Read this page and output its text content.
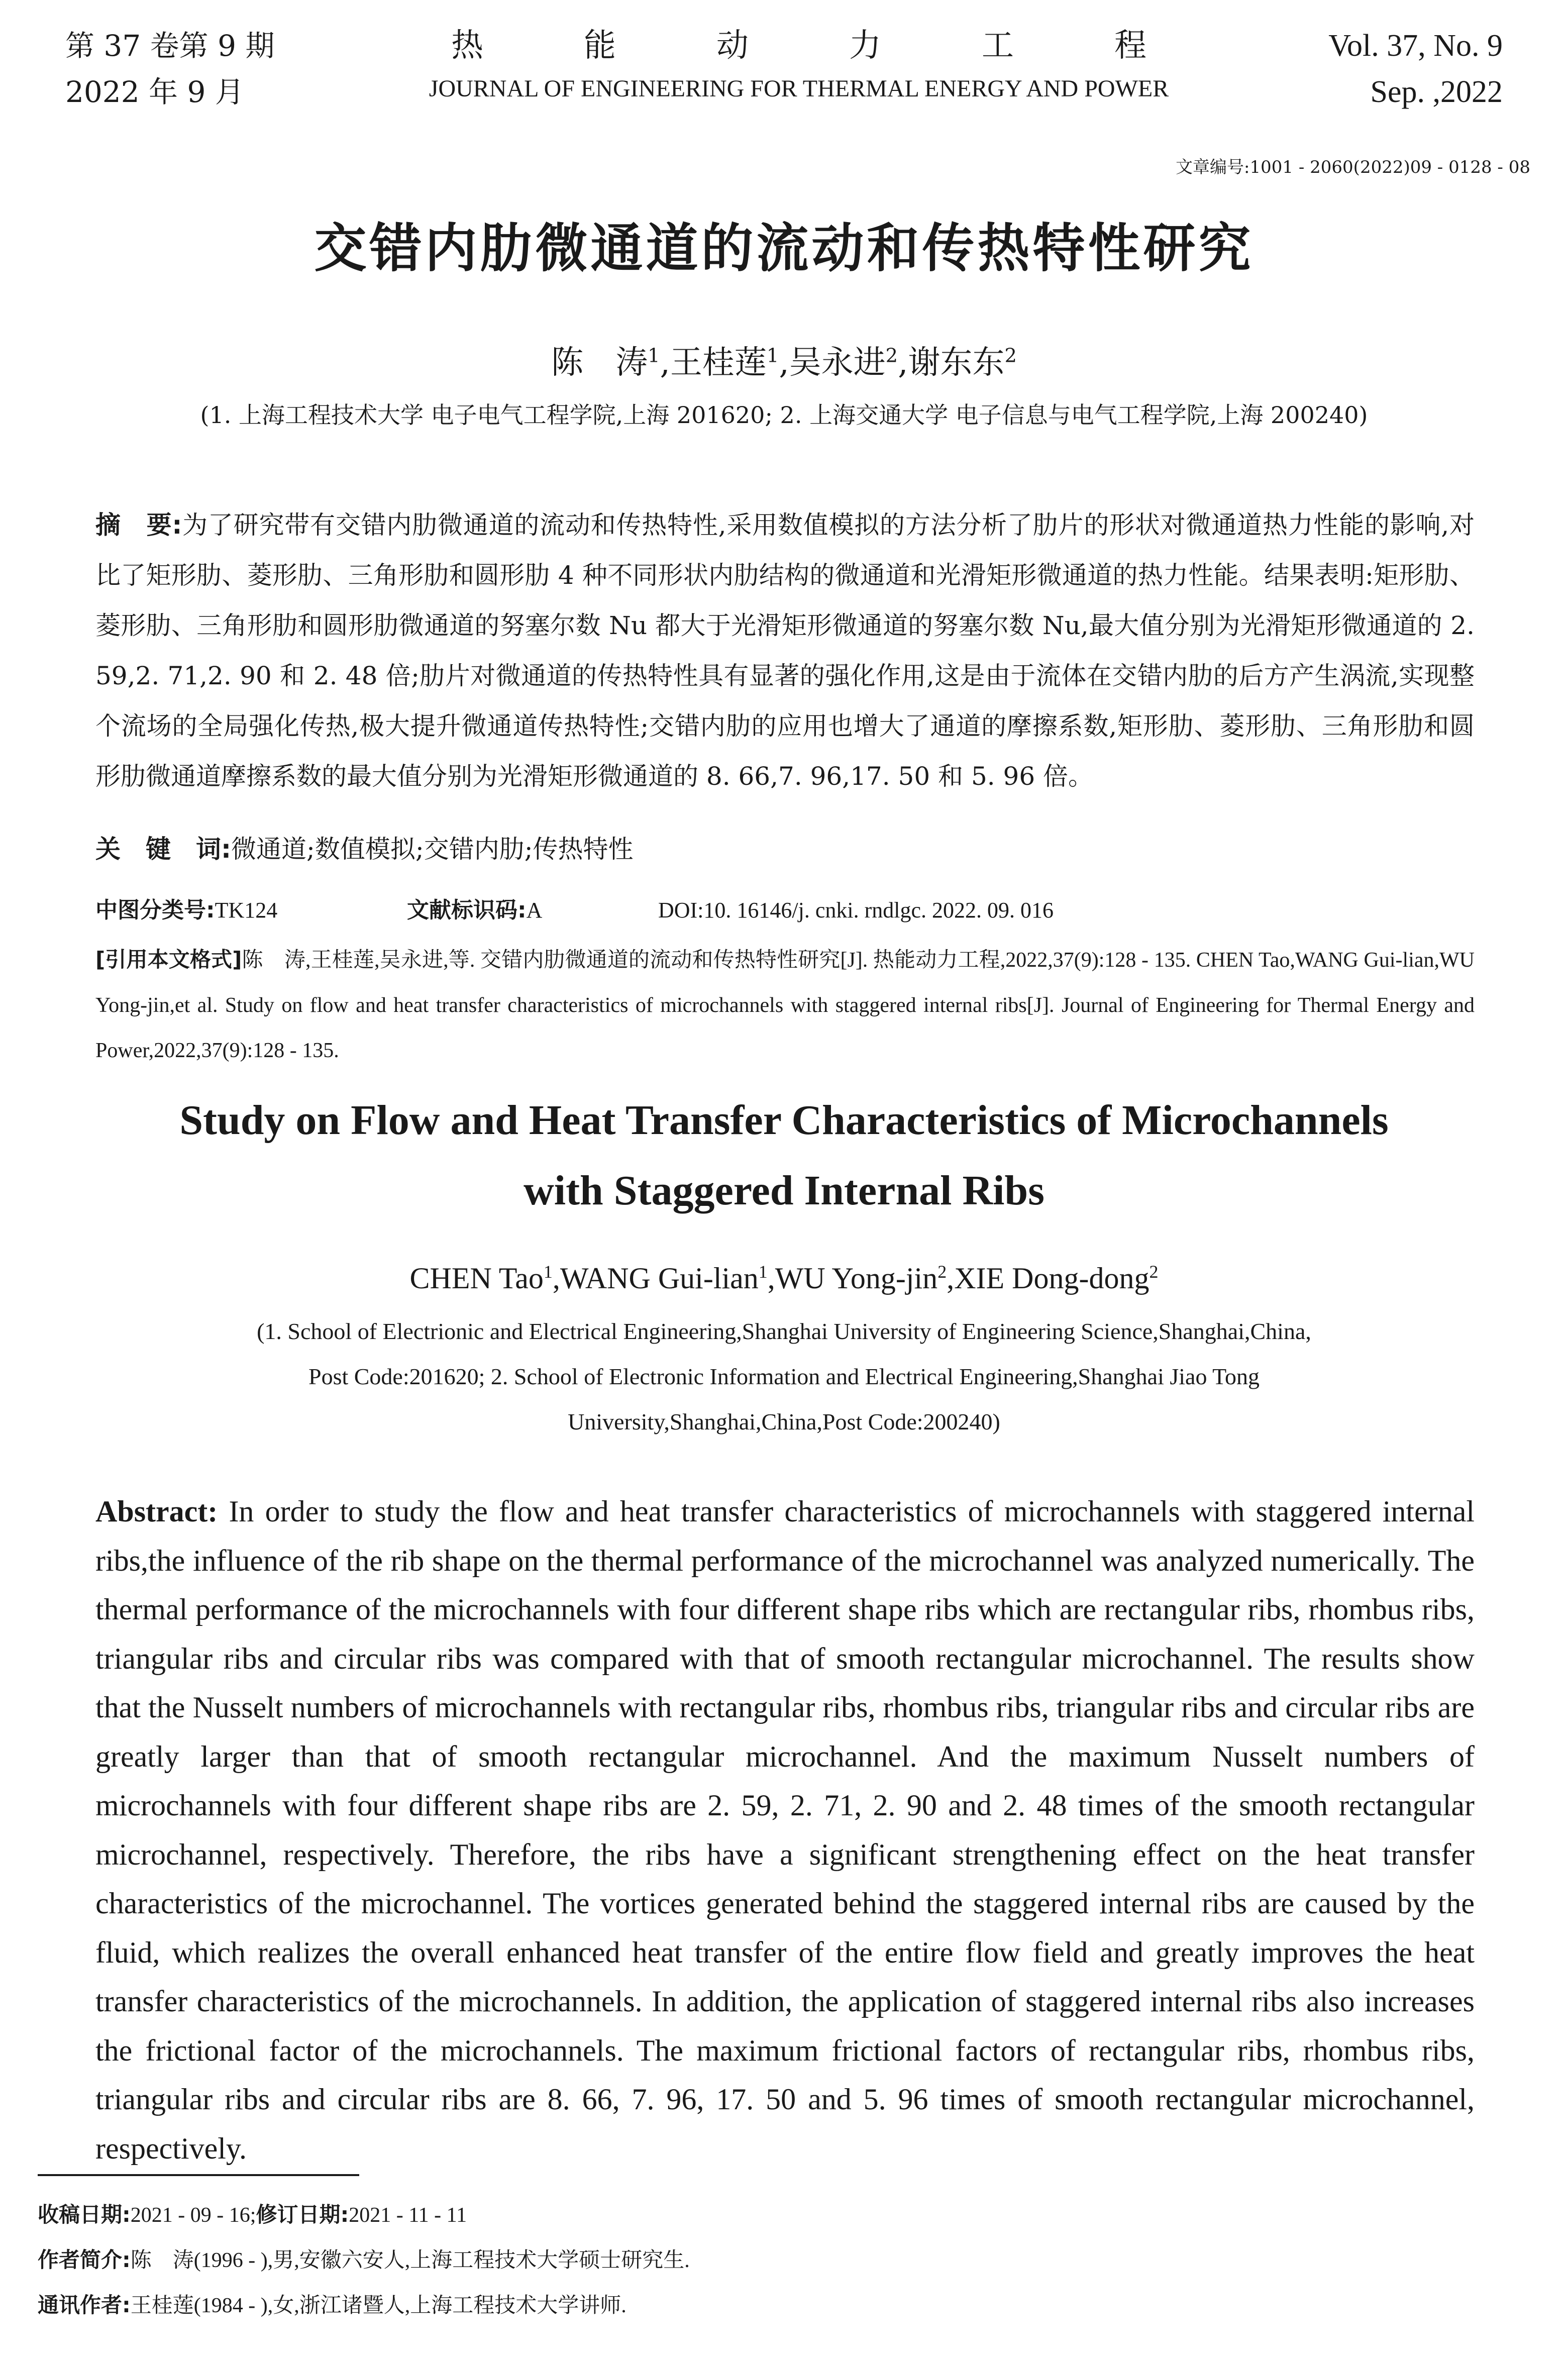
第 37 卷第 9 期
2022 年 9 月
热能动力工程
JOURNAL OF ENGINEERING FOR THERMAL ENERGY AND POWER
Vol. 37, No. 9
Sep. ,2022
文章编号:1001 - 2060(2022)09 - 0128 - 08
交错内肋微通道的流动和传热特性研究
陈　涛$^1$,王桂莲$^1$,吴永进$^2$,谢东东$^2$
(1. 上海工程技术大学 电子电气工程学院,上海 201620; 2. 上海交通大学 电子信息与电气工程学院,上海 200240)
摘　要:为了研究带有交错内肋微通道的流动和传热特性,采用数值模拟的方法分析了肋片的形状对微通道热力性能的影响,对比了矩形肋、菱形肋、三角形肋和圆形肋 4 种不同形状内肋结构的微通道和光滑矩形微通道的热力性能。结果表明:矩形肋、菱形肋、三角形肋和圆形肋微通道的努塞尔数 Nu 都大于光滑矩形微通道的努塞尔数 Nu,最大值分别为光滑矩形微通道的 2. 59,2. 71,2. 90 和 2. 48 倍;肋片对微通道的传热特性具有显著的强化作用,这是由于流体在交错内肋的后方产生涡流,实现整个流场的全局强化传热,极大提升微通道传热特性;交错内肋的应用也增大了通道的摩擦系数,矩形肋、菱形肋、三角形肋和圆形肋微通道摩擦系数的最大值分别为光滑矩形微通道的 8. 66,7. 96,17. 50 和 5. 96 倍。
关　键　词:微通道;数值模拟;交错内肋;传热特性
中图分类号:TK124	文献标识码:A	DOI:10. 16146/j. cnki. rndlgc. 2022. 09. 016
[引用本文格式]陈　涛,王桂莲,吴永进,等. 交错内肋微通道的流动和传热特性研究[J]. 热能动力工程,2022,37(9):128 - 135. CHEN Tao,WANG Gui-lian,WU Yong-jin,et al. Study on flow and heat transfer characteristics of microchannels with staggered internal ribs[J]. Journal of Engineering for Thermal Energy and Power,2022,37(9):128 - 135.
Study on Flow and Heat Transfer Characteristics of Microchannels
with Staggered Internal Ribs
CHEN Tao$^1$,WANG Gui-lian$^1$,WU Yong-jin$^2$,XIE Dong-dong$^2$
(1. School of Electrionic and Electrical Engineering,Shanghai University of Engineering Science,Shanghai,China,
Post Code:201620; 2. School of Electronic Information and Electrical Engineering,Shanghai Jiao Tong
University,Shanghai,China,Post Code:200240)
Abstract: In order to study the flow and heat transfer characteristics of microchannels with staggered internal ribs,the influence of the rib shape on the thermal performance of the microchannel was analyzed numerically. The thermal performance of the microchannels with four different shape ribs which are rectangular ribs, rhombus ribs, triangular ribs and circular ribs was compared with that of smooth rectangular microchannel. The results show that the Nusselt numbers of microchannels with rectangular ribs, rhombus ribs, triangular ribs and circular ribs are greatly larger than that of smooth rectangular microchannel. And the maximum Nusselt numbers of microchannels with four different shape ribs are 2. 59, 2. 71, 2. 90 and 2. 48 times of the smooth rectangular microchannel, respectively. Therefore, the ribs have a significant strengthening effect on the heat transfer characteristics of the microchannel. The vortices generated behind the staggered internal ribs are caused by the fluid, which realizes the overall enhanced heat transfer of the entire flow field and greatly improves the heat transfer characteristics of the microchannels. In addition, the application of staggered internal ribs also increases the frictional factor of the microchannels. The maximum frictional factors of rectangular ribs, rhombus ribs, triangular ribs and circular ribs are 8. 66, 7. 96, 17. 50 and 5. 96 times of smooth rectangular microchannel, respectively.
收稿日期:2021 - 09 - 16;修订日期:2021 - 11 - 11
作者简介:陈　涛(1996 - ),男,安徽六安人,上海工程技术大学硕士研究生.
通讯作者:王桂莲(1984 - ),女,浙江诸暨人,上海工程技术大学讲师.
